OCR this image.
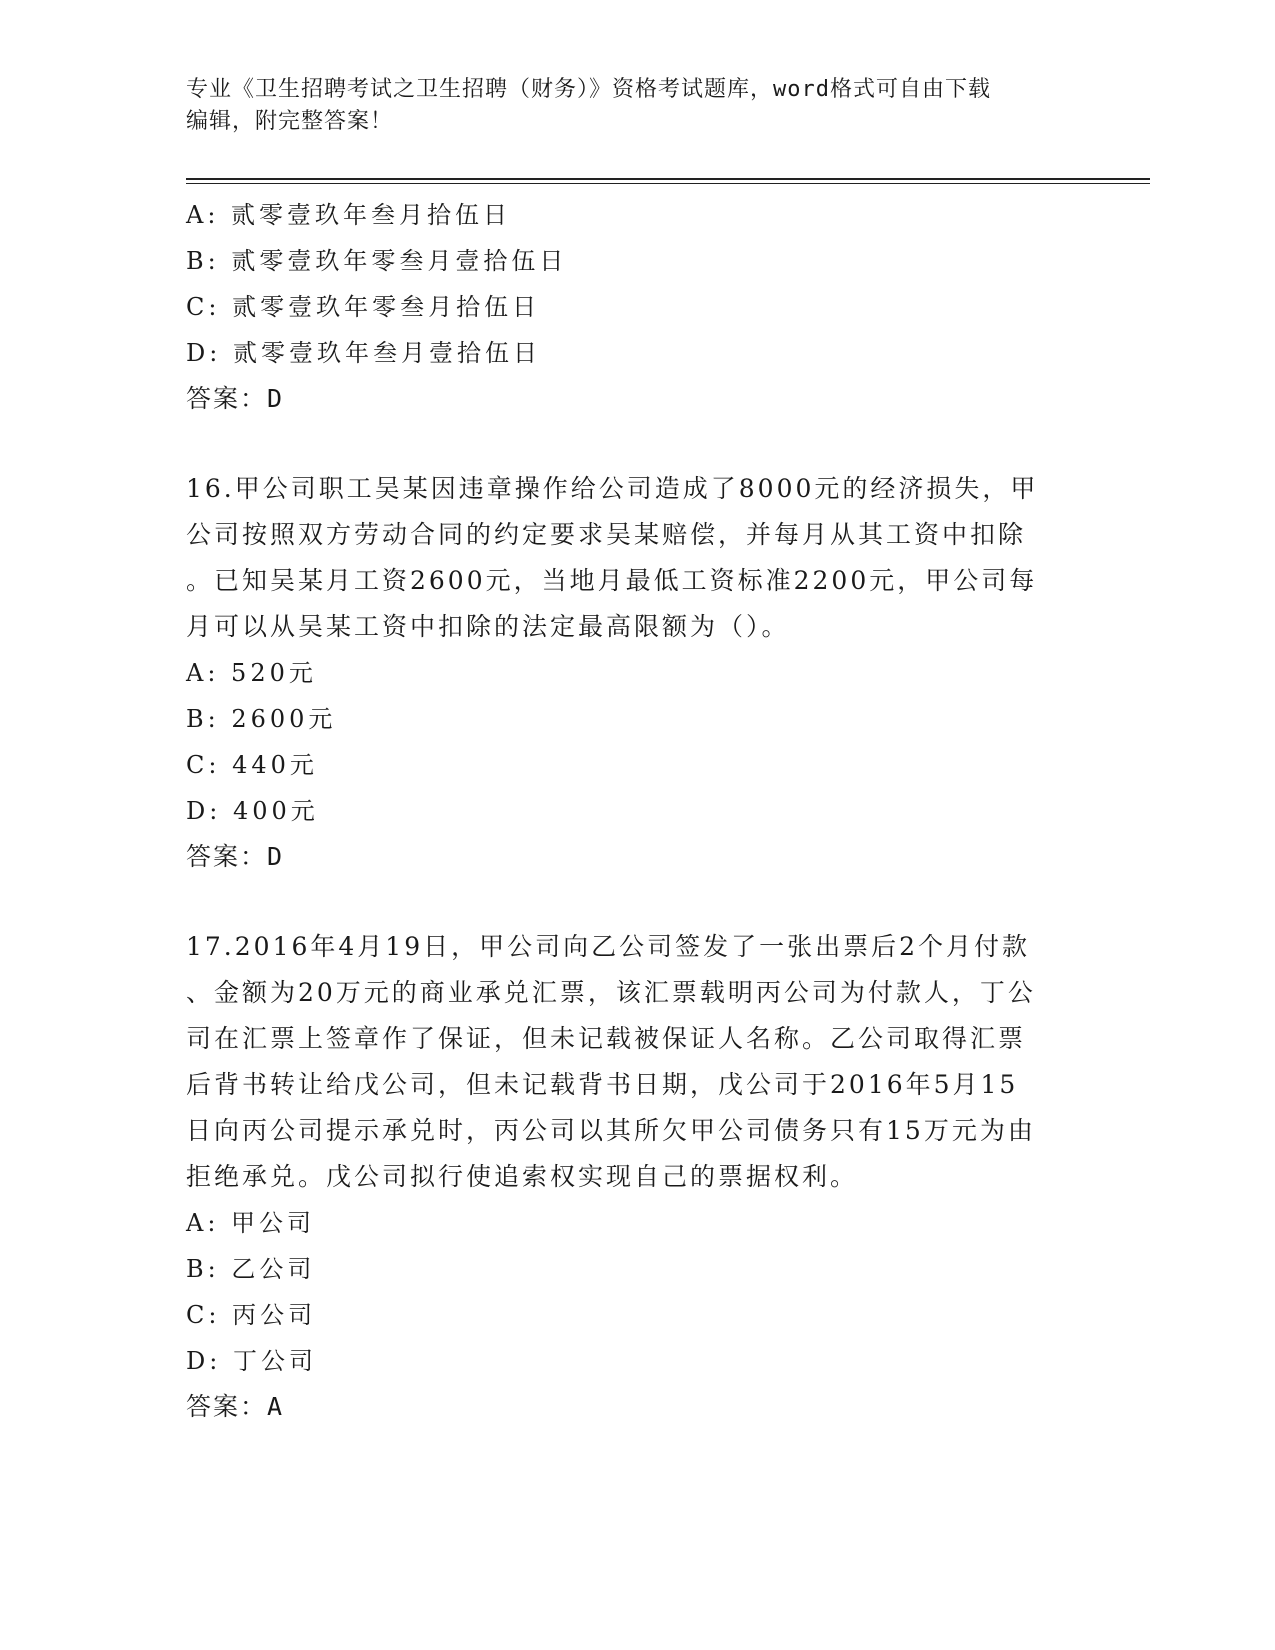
专业《卫生招聘考试之卫生招聘（财务）》资格考试题库，word格式可自由下载
编辑，附完整答案！
A: 贰零壹玖年叁月拾伍日
B: 贰零壹玖年零叁月壹拾伍日
C: 贰零壹玖年零叁月拾伍日
D: 贰零壹玖年叁月壹拾伍日
答案：D
16.甲公司职工吴某因违章操作给公司造成了8000元的经济损失，甲
公司按照双方劳动合同的约定要求吴某赔偿，并每月从其工资中扣除
。已知吴某月工资2600元，当地月最低工资标准2200元，甲公司每
月可以从吴某工资中扣除的法定最高限额为（）。
A: 520元
B: 2600元
C: 440元
D: 400元
答案：D
17.2016年4月19日，甲公司向乙公司签发了一张出票后2个月付款
、金额为20万元的商业承兑汇票，该汇票载明丙公司为付款人，丁公
司在汇票上签章作了保证，但未记载被保证人名称。乙公司取得汇票
后背书转让给戊公司，但未记载背书日期，戊公司于2016年5月15
日向丙公司提示承兑时，丙公司以其所欠甲公司债务只有15万元为由
拒绝承兑。戊公司拟行使追索权实现自己的票据权利。
A: 甲公司
B: 乙公司
C: 丙公司
D: 丁公司
答案：A
